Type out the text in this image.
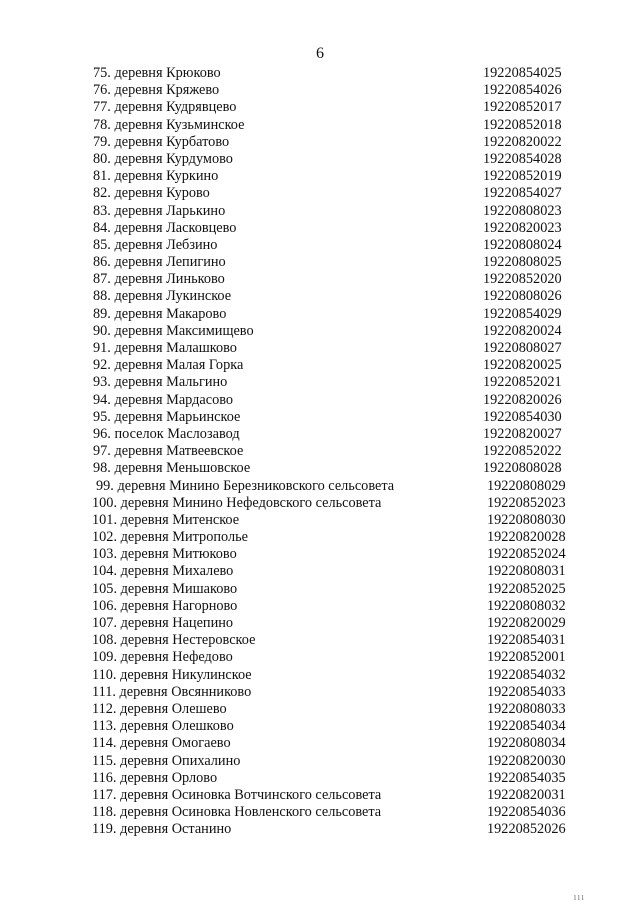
6
75. деревня Крюково	19220854025
76. деревня Кряжево	19220854026
77. деревня Кудрявцево	19220852017
78. деревня Кузьминское	19220852018
79. деревня Курбатово	19220820022
80. деревня Курдумово	19220854028
81. деревня Куркино	19220852019
82. деревня Курово	19220854027
83. деревня Ларькино	19220808023
84. деревня Ласковцево	19220820023
85. деревня Лебзино	19220808024
86. деревня Лепигино	19220808025
87. деревня Линьково	19220852020
88. деревня Лукинское	19220808026
89. деревня Макарово	19220854029
90. деревня Максимищево	19220820024
91. деревня Малашково	19220808027
92. деревня Малая Горка	19220820025
93. деревня Мальгино	19220852021
94. деревня Мардасово	19220820026
95. деревня Марьинское	19220854030
96. поселок Маслозавод	19220820027
97. деревня Матвеевское	19220852022
98. деревня Меньшовское	19220808028
99. деревня Минино Березниковского сельсовета	19220808029
100. деревня Минино Нефедовского сельсовета	19220852023
101. деревня Митенское	19220808030
102. деревня Митрополье	19220820028
103. деревня Митюково	19220852024
104. деревня Михалево	19220808031
105. деревня Мишаково	19220852025
106. деревня Нагорново	19220808032
107. деревня Нацепино	19220820029
108. деревня Нестеровское	19220854031
109. деревня Нефедово	19220852001
110. деревня Никулинское	19220854032
111. деревня Овсянниково	19220854033
112. деревня Олешево	19220808033
113. деревня Олешково	19220854034
114. деревня Омогаево	19220808034
115. деревня Опихалино	19220820030
116. деревня Орлово	19220854035
117. деревня Осиновка Вотчинского сельсовета	19220820031
118. деревня Осиновка Новленского сельсовета	19220854036
119. деревня Останино	19220852026
ııı
